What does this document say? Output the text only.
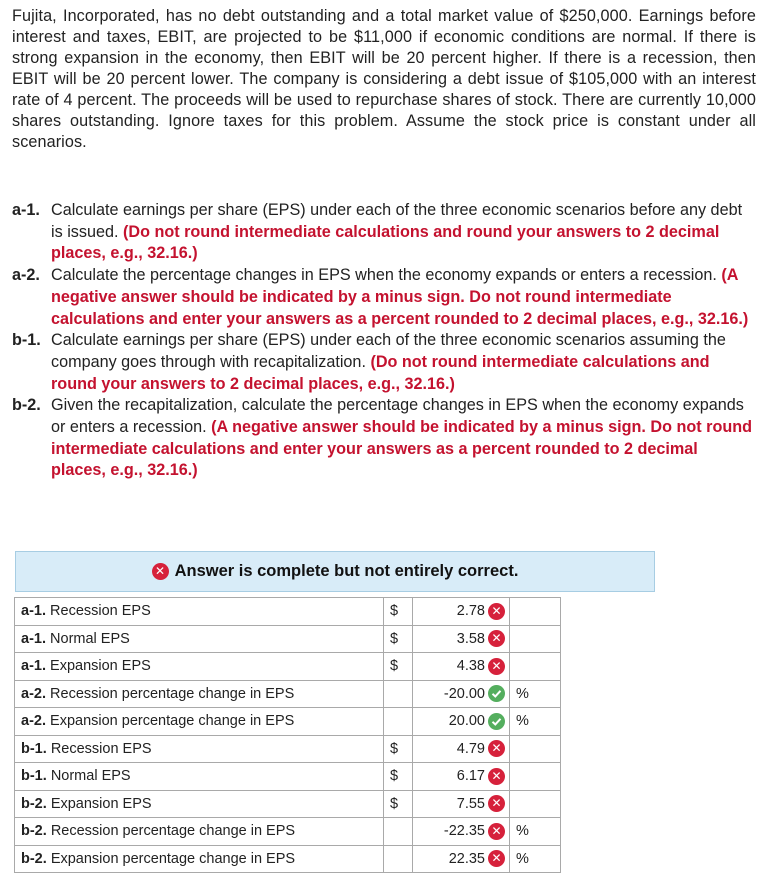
Fujita, Incorporated, has no debt outstanding and a total market value of $250,000. Earnings before interest and taxes, EBIT, are projected to be $11,000 if economic conditions are normal. If there is strong expansion in the economy, then EBIT will be 20 percent higher. If there is a recession, then EBIT will be 20 percent lower. The company is considering a debt issue of $105,000 with an interest rate of 4 percent. The proceeds will be used to repurchase shares of stock. There are currently 10,000 shares outstanding. Ignore taxes for this problem. Assume the stock price is constant under all scenarios.
a-1. Calculate earnings per share (EPS) under each of the three economic scenarios before any debt is issued. (Do not round intermediate calculations and round your answers to 2 decimal places, e.g., 32.16.)
a-2. Calculate the percentage changes in EPS when the economy expands or enters a recession. (A negative answer should be indicated by a minus sign. Do not round intermediate calculations and enter your answers as a percent rounded to 2 decimal places, e.g., 32.16.)
b-1. Calculate earnings per share (EPS) under each of the three economic scenarios assuming the company goes through with recapitalization. (Do not round intermediate calculations and round your answers to 2 decimal places, e.g., 32.16.)
b-2. Given the recapitalization, calculate the percentage changes in EPS when the economy expands or enters a recession. (A negative answer should be indicated by a minus sign. Do not round intermediate calculations and enter your answers as a percent rounded to 2 decimal places, e.g., 32.16.)
✕ Answer is complete but not entirely correct.
a-1. Recession EPS	$	2.78 ✕	
a-1. Normal EPS	$	3.58 ✕	
a-1. Expansion EPS	$	4.38 ✕	
a-2. Recession percentage change in EPS		-20.00	%
a-2. Expansion percentage change in EPS		20.00	%
b-1. Recession EPS	$	4.79 ✕	
b-1. Normal EPS	$	6.17 ✕	
b-2. Expansion EPS	$	7.55 ✕	
b-2. Recession percentage change in EPS		-22.35 ✕	%
b-2. Expansion percentage change in EPS		22.35 ✕	%
